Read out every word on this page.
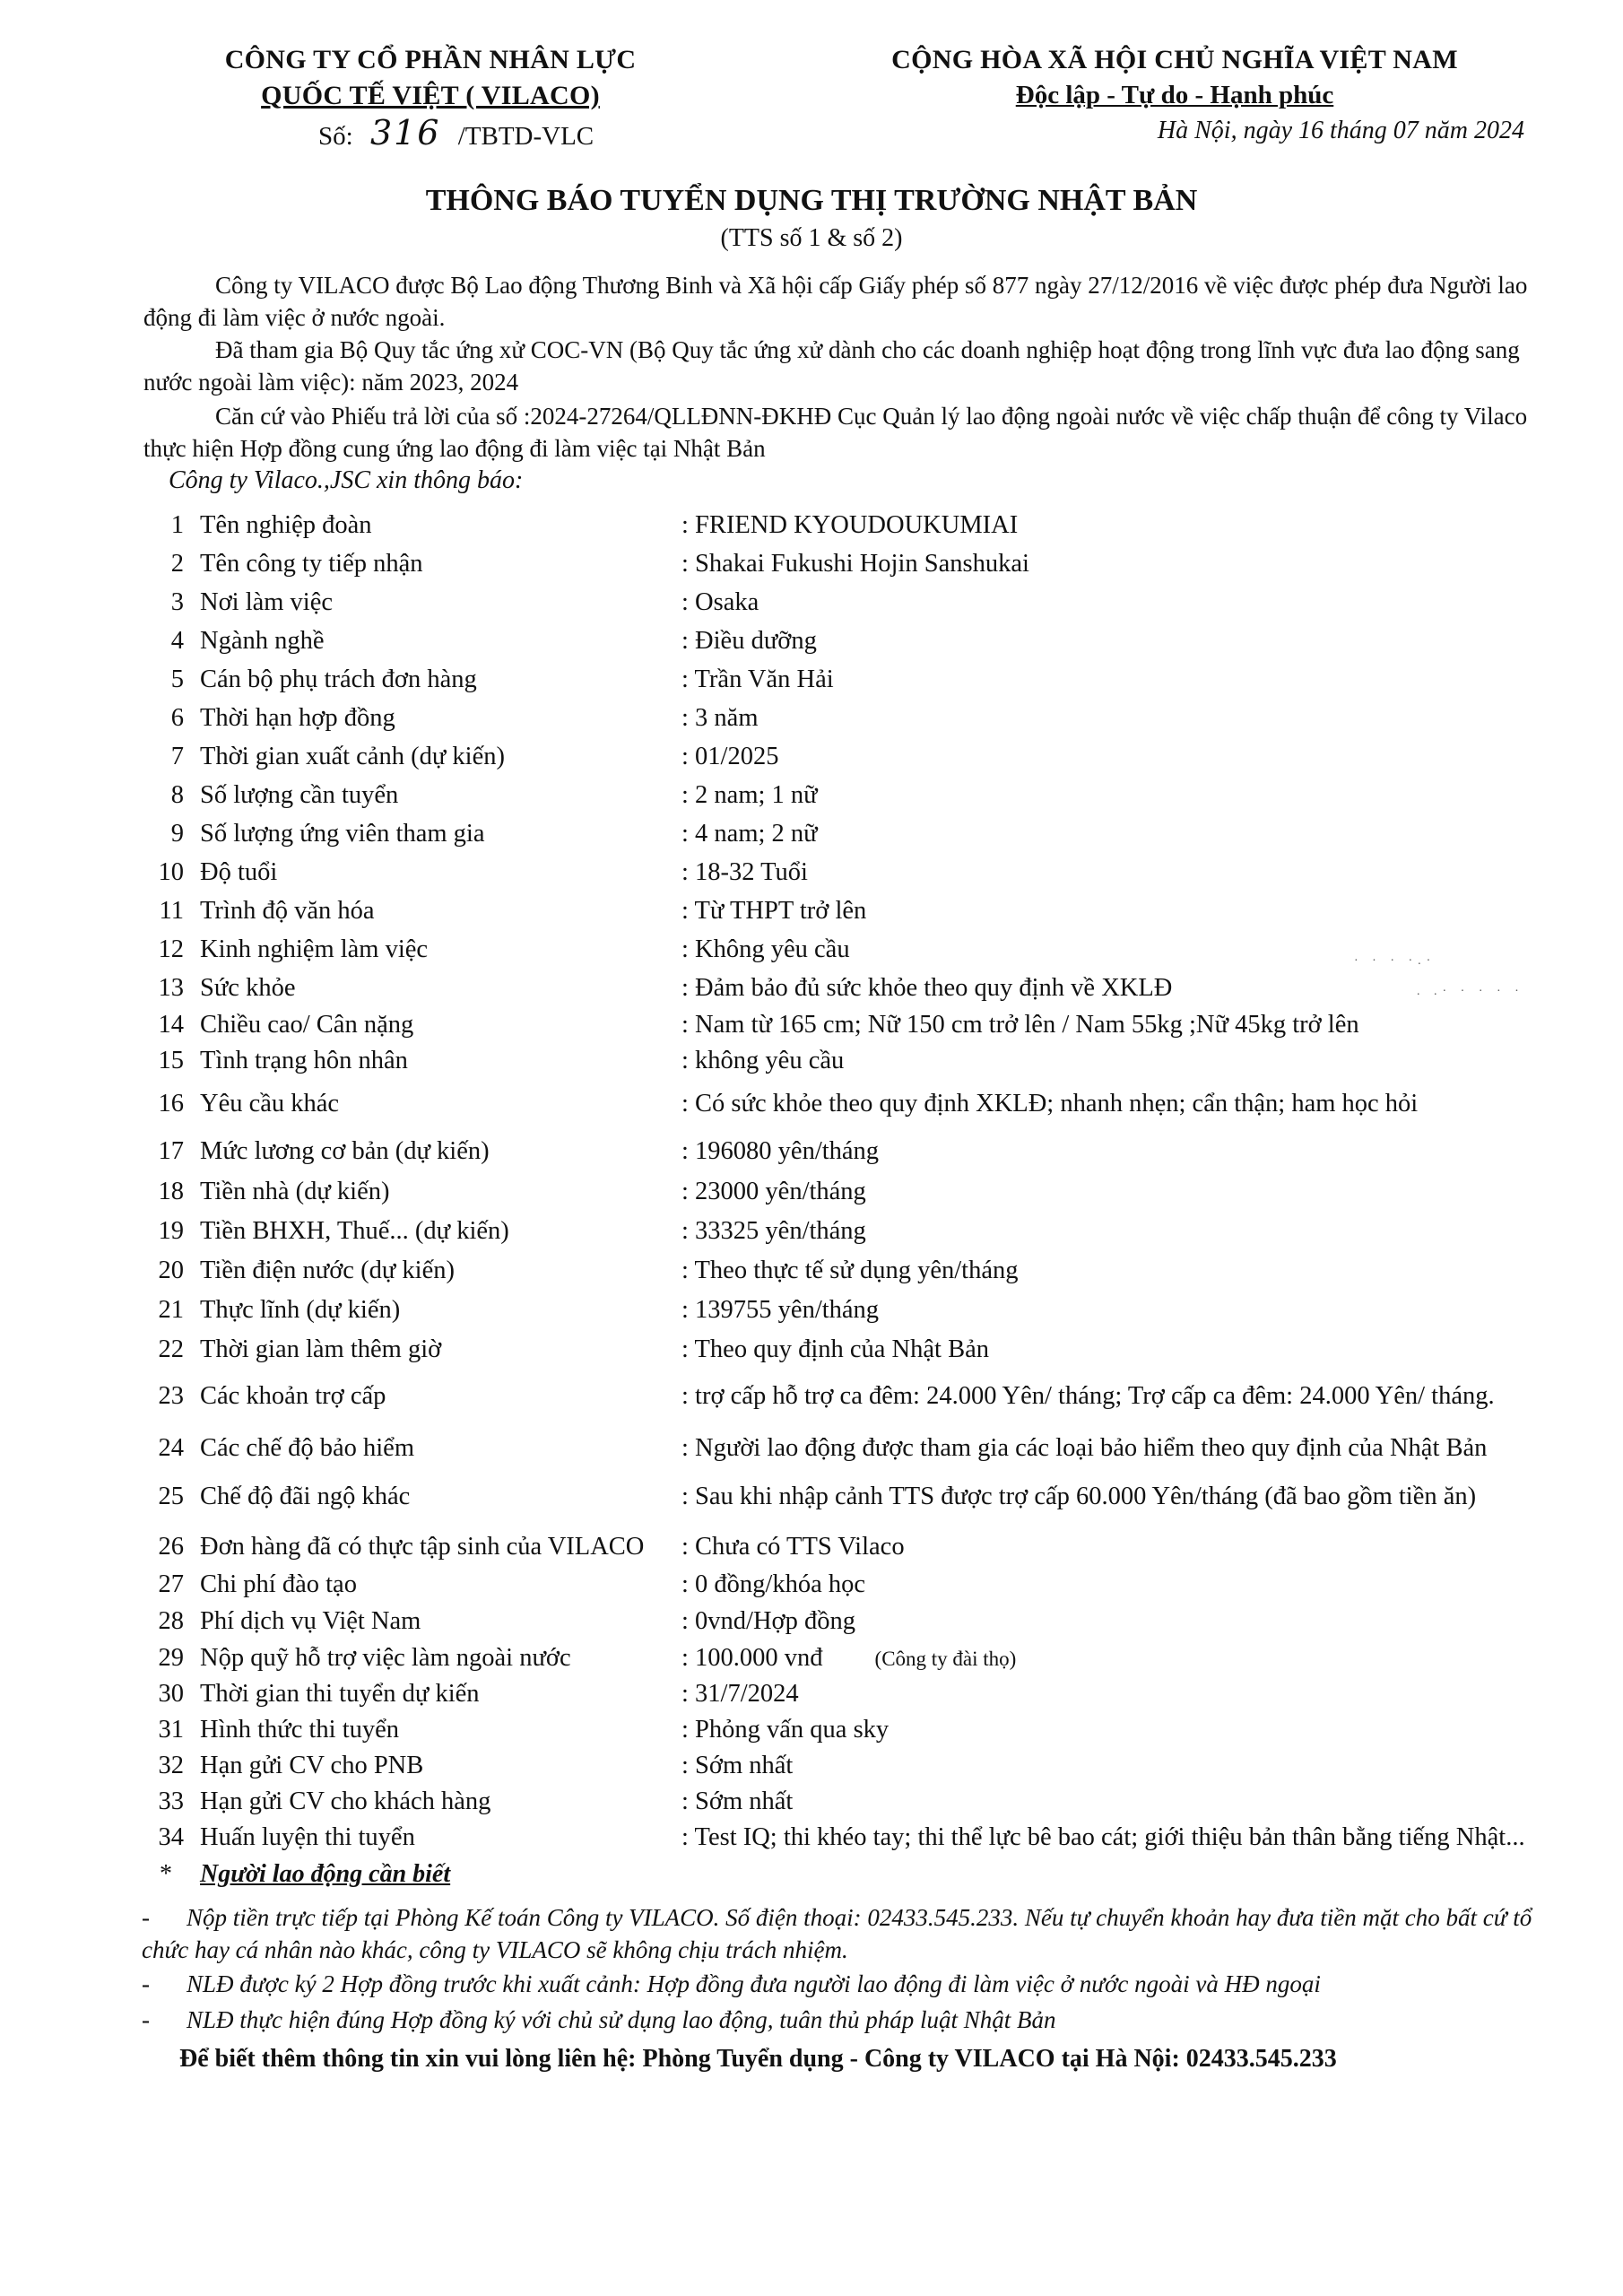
CÔNG TY CỔ PHẦN NHÂN LỰC
QUỐC TẾ VIỆT ( VILACO)
Số: 316 /TBTD-VLC
CỘNG HÒA XÃ HỘI CHỦ NGHĨA VIỆT NAM
Độc lập - Tự do - Hạnh phúc
Hà Nội, ngày 16 tháng 07 năm 2024
THÔNG BÁO TUYỂN DỤNG THỊ TRƯỜNG NHẬT BẢN
(TTS số 1 & số 2)
Công ty VILACO được Bộ Lao động Thương Binh và Xã hội cấp Giấy phép số 877 ngày 27/12/2016 về việc được phép đưa Người lao động đi làm việc ở nước ngoài.
Đã tham gia Bộ Quy tắc ứng xử COC-VN (Bộ Quy tắc ứng xử dành cho các doanh nghiệp hoạt động trong lĩnh vực đưa lao động sang nước ngoài làm việc): năm 2023, 2024
Căn cứ vào Phiếu trả lời của số :2024-27264/QLLĐNN-ĐKHĐ Cục Quản lý lao động ngoài nước về việc chấp thuận để công ty Vilaco thực hiện Hợp đồng cung ứng lao động đi làm việc tại Nhật Bản
Công ty Vilaco.,JSC xin thông báo:
1 Tên nghiệp đoàn	: FRIEND KYOUDOUKUMIAI
2 Tên công ty tiếp nhận	: Shakai Fukushi Hojin Sanshukai
3 Nơi làm việc	: Osaka
4 Ngành nghề	: Điều dưỡng
5 Cán bộ phụ trách đơn hàng	: Trần Văn Hải
6 Thời hạn hợp đồng	: 3 năm
7 Thời gian xuất cảnh (dự kiến)	: 01/2025
8 Số lượng cần tuyển	: 2 nam; 1 nữ
9 Số lượng ứng viên tham gia	: 4 nam; 2 nữ
10 Độ tuổi	: 18-32 Tuổi
11 Trình độ văn hóa	: Từ THPT trở lên
12 Kinh nghiệm làm việc	: Không yêu cầu
13 Sức khỏe	: Đảm bảo đủ sức khỏe theo quy định về XKLĐ
14 Chiều cao/ Cân nặng	: Nam từ 165 cm; Nữ 150 cm trở lên / Nam 55kg ;Nữ 45kg trở lên
15 Tình trạng hôn nhân	: không yêu cầu
16 Yêu cầu khác	: Có sức khỏe theo quy định XKLĐ; nhanh nhẹn; cẩn thận; ham học hỏi
17 Mức lương cơ bản (dự kiến)	: 196080 yên/tháng
18 Tiền nhà (dự kiến)	: 23000 yên/tháng
19 Tiền BHXH, Thuế... (dự kiến)	: 33325 yên/tháng
20 Tiền điện nước (dự kiến)	: Theo thực tế sử dụng yên/tháng
21 Thực lĩnh (dự kiến)	: 139755 yên/tháng
22 Thời gian làm thêm giờ	: Theo quy định của Nhật Bản
23 Các khoản trợ cấp	: trợ cấp hỗ trợ ca đêm: 24.000 Yên/ tháng; Trợ cấp ca đêm: 24.000 Yên/ tháng.
24 Các chế độ bảo hiểm	: Người lao động được tham gia các loại bảo hiểm theo quy định của Nhật Bản
25 Chế độ đãi ngộ khác	: Sau khi nhập cảnh TTS được trợ cấp 60.000 Yên/tháng (đã bao gồm tiền ăn)
26 Đơn hàng đã có thực tập sinh của VILACO : Chưa có TTS Vilaco
27 Chi phí đào tạo	: 0 đồng/khóa học
28 Phí dịch vụ Việt Nam	: 0vnd/Hợp đồng
29 Nộp quỹ hỗ trợ việc làm ngoài nước	: 100.000 vnđ	(Công ty đài thọ)
30 Thời gian thi tuyển dự kiến	: 31/7/2024
31 Hình thức thi tuyển	: Phỏng vấn qua sky
32 Hạn gửi CV cho PNB	: Sớm nhất
33 Hạn gửi CV cho khách hàng	: Sớm nhất
34 Huấn luyện thi tuyển	: Test IQ; thi khéo tay; thi thể lực bê bao cát; giới thiệu bản thân bằng tiếng Nhật...
* Người lao động cần biết
- Nộp tiền trực tiếp tại Phòng Kế toán Công ty VILACO. Số điện thoại: 02433.545.233. Nếu tự chuyển khoản hay đưa tiền mặt cho bất cứ tổ
chức hay cá nhân nào khác, công ty VILACO sẽ không chịu trách nhiệm.
- NLĐ được ký 2 Hợp đồng trước khi xuất cảnh: Hợp đồng đưa người lao động đi làm việc ở nước ngoài và HĐ ngoại
- NLĐ thực hiện đúng Hợp đồng ký với chủ sử dụng lao động, tuân thủ pháp luật Nhật Bản
Để biết thêm thông tin xin vui lòng liên hệ: Phòng Tuyển dụng - Công ty VILACO tại Hà Nội: 02433.545.233
· · · ·.·
. .· · · · ·
